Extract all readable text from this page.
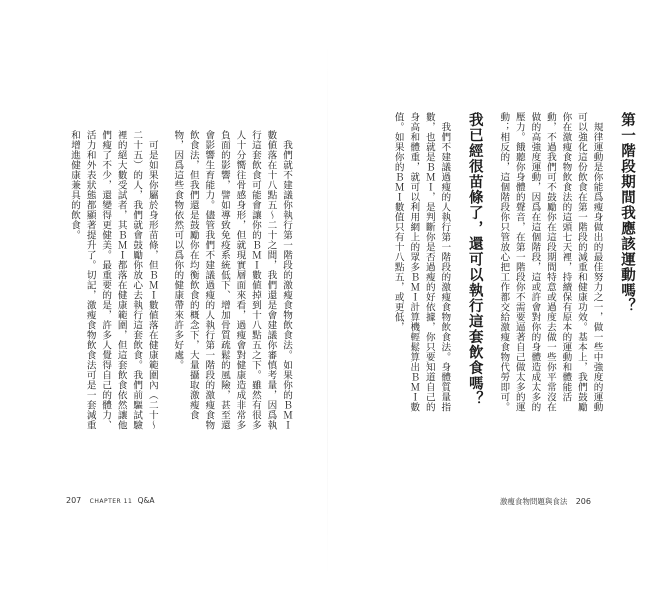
我們就不建議你執行第一階段的激瘦食物飲食法。如果你的ＢＭＩ數値落在十八點五～二十之間，我們還是會建議你審慎考量，因爲執行這套飲食可能會讓你的ＢＭＩ數値掉到十八點五之下。雖然有很多人十分嚮往骨感身形，但就現實層面來看，過瘦會對健康造成非常多負面的影響，譬如導致免疫系統低下、增加骨質疏鬆的風險，甚至還會影響生育能力。儘管我們不建議過瘦的人執行第一階段的激瘦食物飲食法，但我們還是鼓勵你在均衡飲食的概念下，大量攝取激瘦食物，因爲這些食物依然可以爲你的健康帶來許多好處。
可是如果你屬於身形苗條，但ＢＭＩ數値落在健康範圍內（二十～二十五）的人，我們就會鼓勵你放心去執行這套飲食。我們前驅試驗裡的絕大數受試者，其ＢＭＩ都落在健康範圍，但這套飲食依然讓他們瘦了不少，還變得更健美。最重要的是，許多人覺得自己的體力、活力和外表狀態都顯著提升了。切記，激瘦食物飲食法可是一套減重和增進健康兼具的飲食。
207 CHAPTER 11 Q&A
第一階段期間我應該運動嗎？
規律運動是你能爲瘦身做出的最佳努力之一，做一些中強度的運動可以強化這份飲食在第一階段的減重和健康功效。基本上，我們鼓勵你在激瘦食物飲食法的這頭七天裡，持續保有原本的運動和體能活動，不過我們可不鼓勵你在這段期間特意或過度去做一些你平常沒在做的高強度運動，因爲在這個階段，這或許會對你的身體造成太多的壓力。餓聽你身體的聲音，在第一階段你不需要逼著自己做太多的運動；相反的，這個階段你只管放心把工作都交給激瘦食物代勞即可。
我已經很苗條了，還可以執行這套飲食嗎？
我們不建議過瘦的人執行第一階段的激瘦食物飲食法。身體質量指數，也就是ＢＭＩ，是判斷你是否過瘦的好依據，你只要知道自己的身高和體重，就可以利用網上的眾多ＢＭＩ計算機輕鬆算出ＢＭＩ數值。如果你的ＢＭＩ數值只有十八點五，或更低，
激瘦食物問題與食法 206
